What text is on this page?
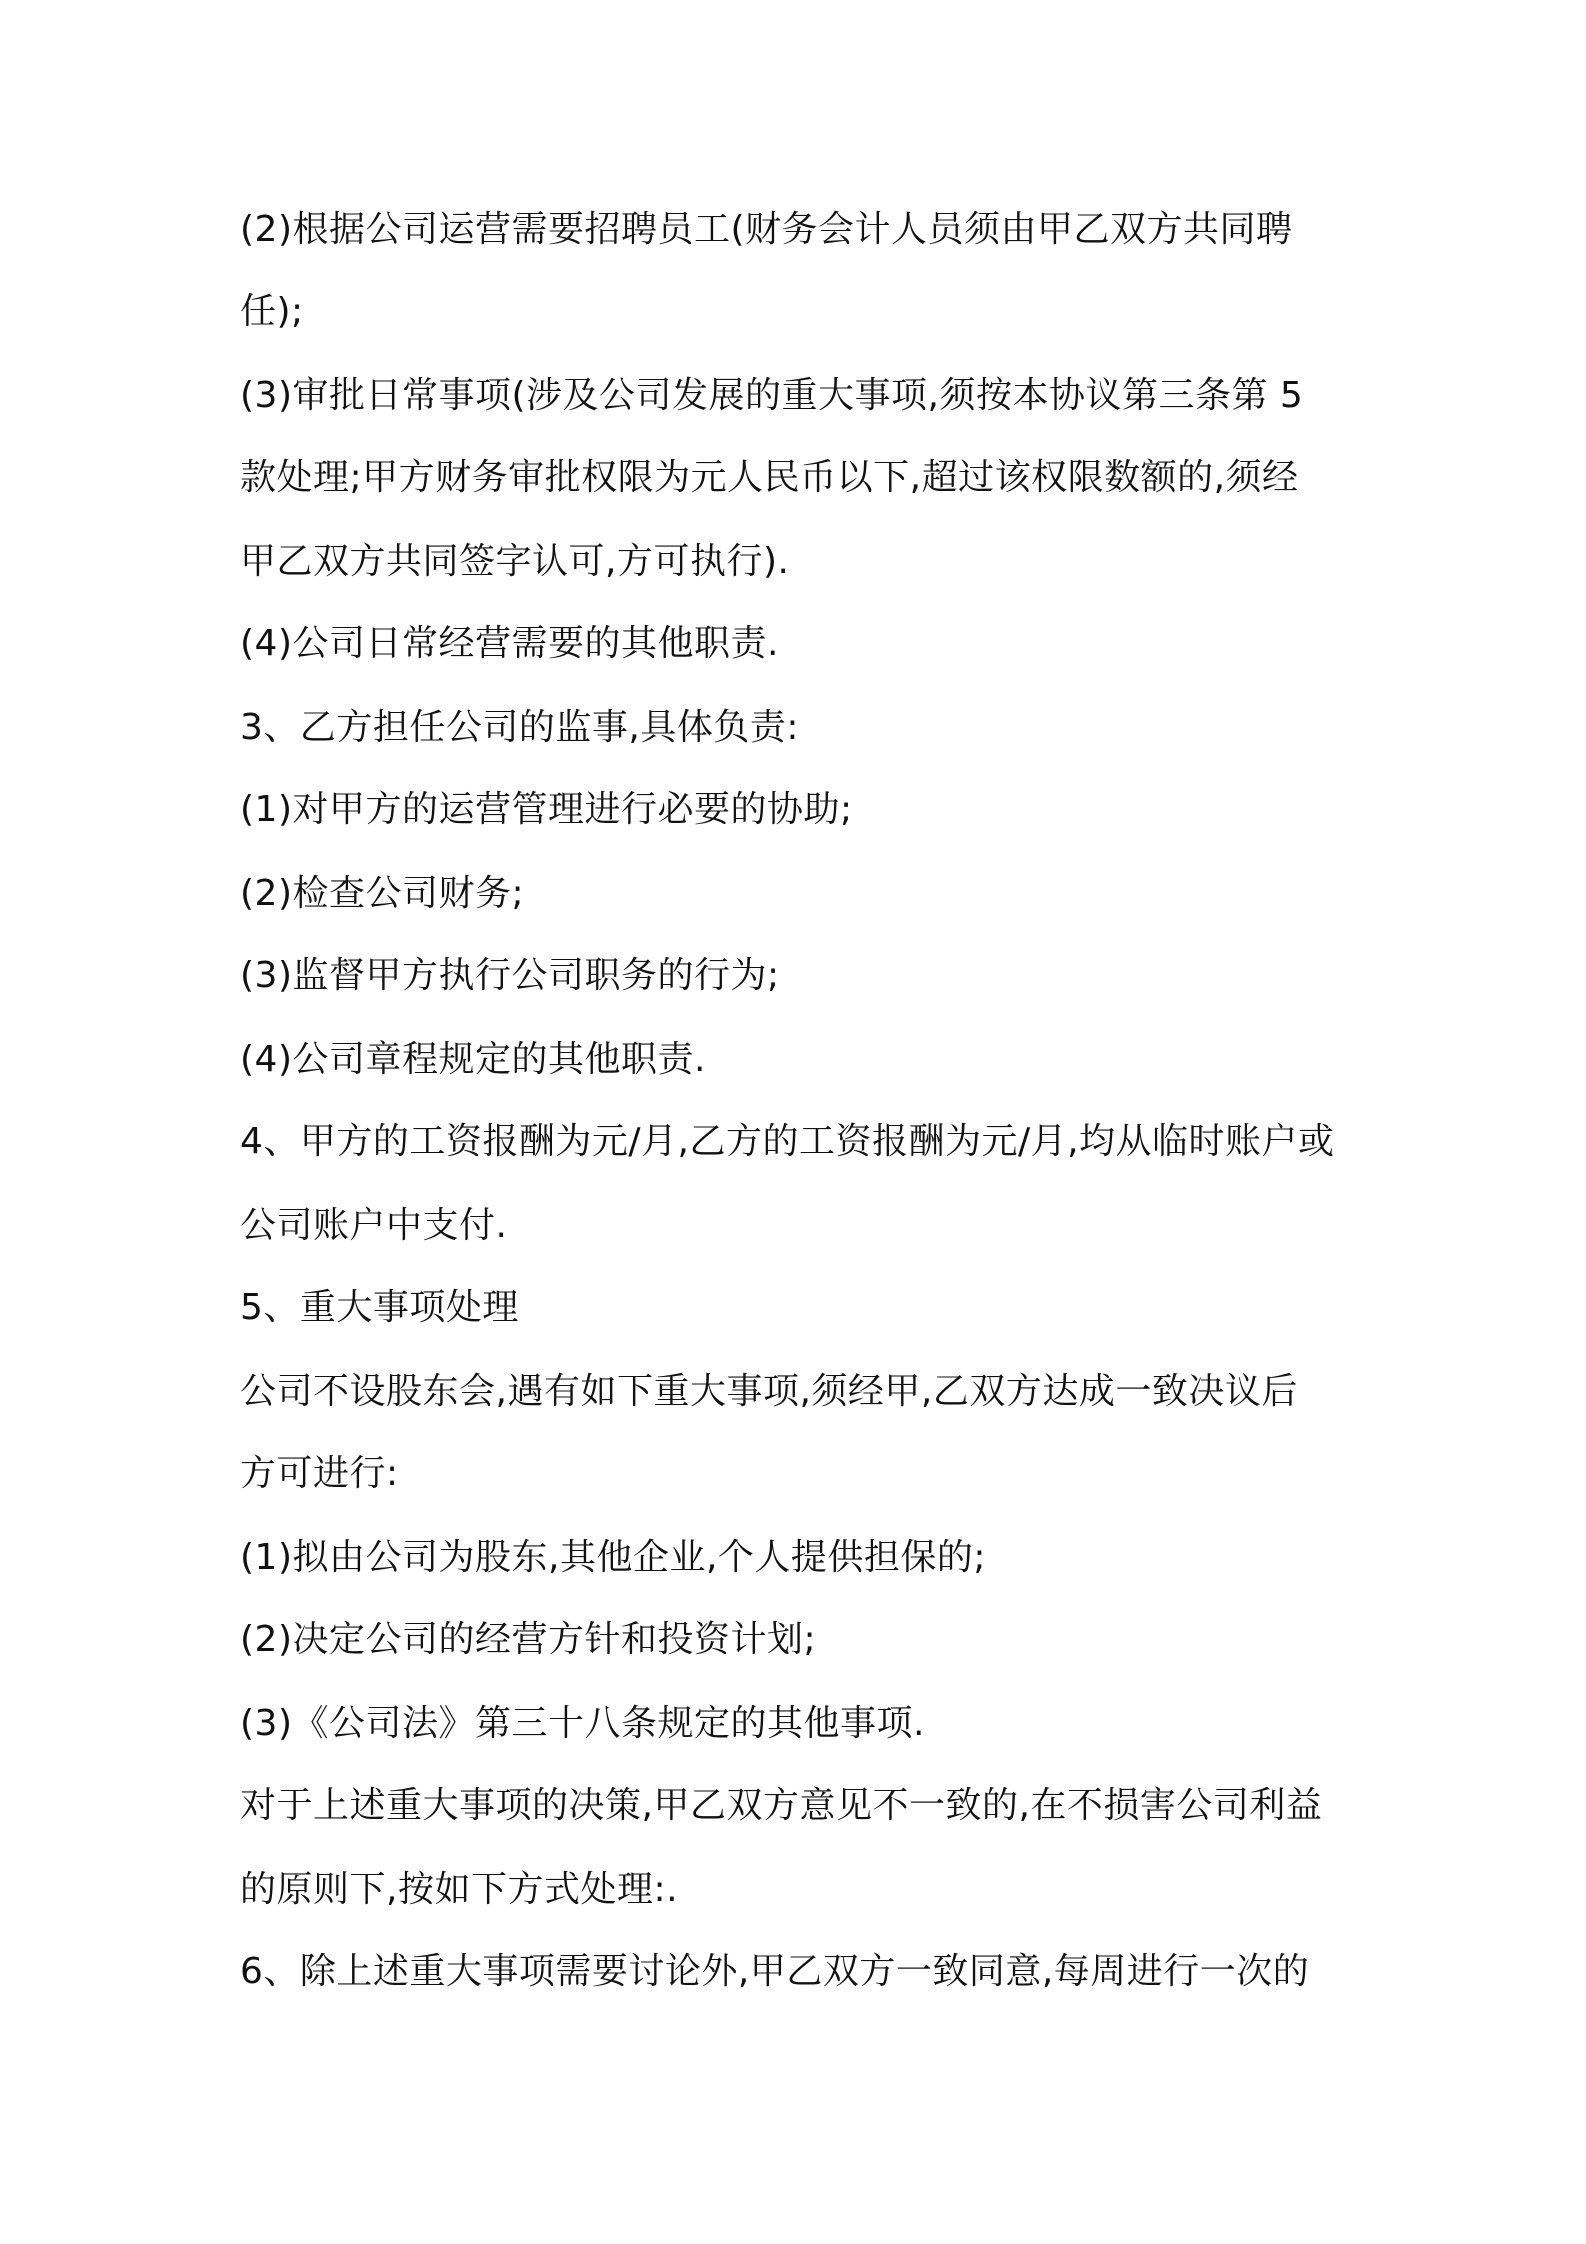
(2)根据公司运营需要招聘员工(财务会计人员须由甲乙双方共同聘
任);
(3)审批日常事项(涉及公司发展的重大事项,须按本协议第三条第 5
款处理;甲方财务审批权限为元人民币以下,超过该权限数额的,须经
甲乙双方共同签字认可,方可执行).
(4)公司日常经营需要的其他职责.
3、乙方担任公司的监事,具体负责:
(1)对甲方的运营管理进行必要的协助;
(2)检查公司财务;
(3)监督甲方执行公司职务的行为;
(4)公司章程规定的其他职责.
4、甲方的工资报酬为元/月,乙方的工资报酬为元/月,均从临时账户或
公司账户中支付.
5、重大事项处理
公司不设股东会,遇有如下重大事项,须经甲,乙双方达成一致决议后
方可进行:
(1)拟由公司为股东,其他企业,个人提供担保的;
(2)决定公司的经营方针和投资计划;
(3)《公司法》第三十八条规定的其他事项.
对于上述重大事项的决策,甲乙双方意见不一致的,在不损害公司利益
的原则下,按如下方式处理:.
6、除上述重大事项需要讨论外,甲乙双方一致同意,每周进行一次的
